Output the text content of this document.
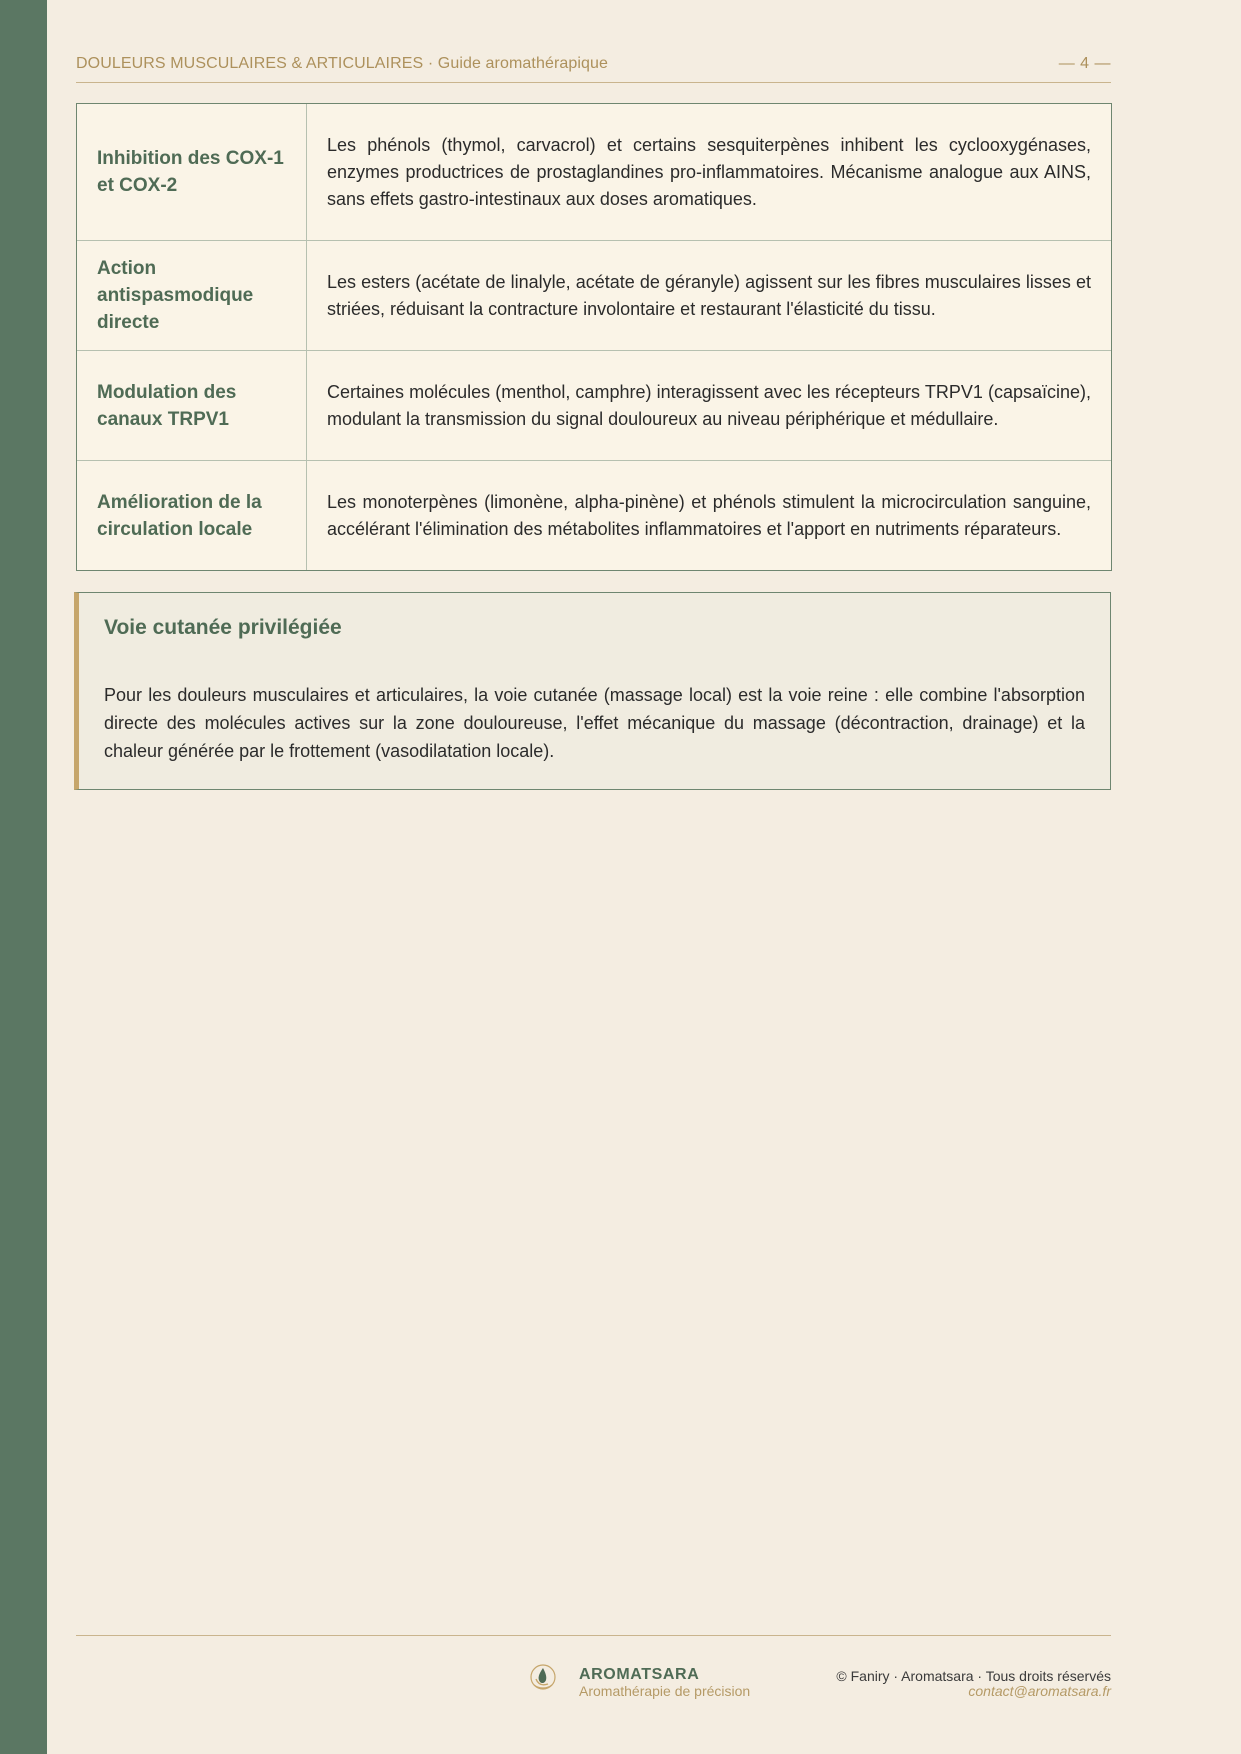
DOULEURS MUSCULAIRES & ARTICULAIRES · Guide aromathérapique	— 4 —
Inhibition des COX-1 et COX-2	Les phénols (thymol, carvacrol) et certains sesquiterpènes inhibent les cyclooxygénases, enzymes productrices de prostaglandines pro-inflammatoires. Mécanisme analogue aux AINS, sans effets gastro-intestinaux aux doses aromatiques.
Action antispasmodique directe	Les esters (acétate de linalyle, acétate de géranyle) agissent sur les fibres musculaires lisses et striées, réduisant la contracture involontaire et restaurant l'élasticité du tissu.
Modulation des canaux TRPV1	Certaines molécules (menthol, camphre) interagissent avec les récepteurs TRPV1 (capsaïcine), modulant la transmission du signal douloureux au niveau périphérique et médullaire.
Amélioration de la circulation locale	Les monoterpènes (limonène, alpha-pinène) et phénols stimulent la microcirculation sanguine, accélérant l'élimination des métabolites inflammatoires et l'apport en nutriments réparateurs.
Voie cutanée privilégiée

Pour les douleurs musculaires et articulaires, la voie cutanée (massage local) est la voie reine : elle combine l'absorption directe des molécules actives sur la zone douloureuse, l'effet mécanique du massage (décontraction, drainage) et la chaleur générée par le frottement (vasodilatation locale).

AROMATSARA
Aromathérapie de précision
© Faniry · Aromatsara · Tous droits réservés
contact@aromatsara.fr
